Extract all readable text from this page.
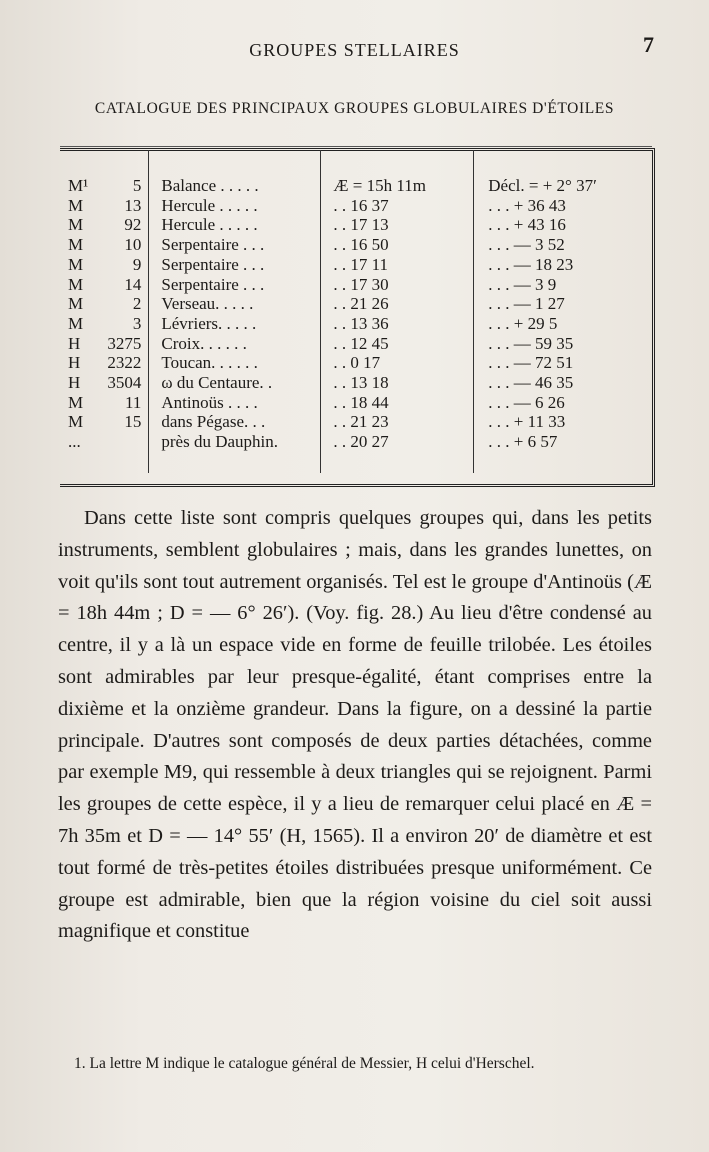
GROUPES STELLAIRES	7
CATALOGUE DES PRINCIPAUX GROUPES GLOBULAIRES D'ÉTOILES
M¹	5	Balance . . . . .	Æ = 15h 11m	Décl. = + 2° 37′
M	13	Hercule . . . . .	. . 16 37	. . . + 36 43
M	92	Hercule . . . . .	. . 17 13	. . . + 43 16
M	10	Serpentaire . . .	. . 16 50	. . . — 3 52
M	9	Serpentaire . . .	. . 17 11	. . . — 18 23
M	14	Serpentaire . . .	. . 17 30	. . . — 3 9
M	2	Verseau. . . . .	. . 21 26	. . . — 1 27
M	3	Lévriers. . . . .	. . 13 36	. . . + 29 5
H	3275	Croix. . . . . .	. . 12 45	. . . — 59 35
H	2322	Toucan. . . . . .	. . 0 17	. . . — 72 51
H	3504	ω du Centaure. .	. . 13 18	. . . — 46 35
M	11	Antinoüs . . . .	. . 18 44	. . . — 6 26
M	15	dans Pégase. . .	. . 21 23	. . . + 11 33
...		près du Dauphin.	. . 20 27	. . . + 6 57

Dans cette liste sont compris quelques groupes qui, dans les petits instruments, semblent globulaires ; mais, dans les grandes lunettes, on voit qu'ils sont tout autrement organisés. Tel est le groupe d'Antinoüs (Æ = 18h 44m ; D = — 6° 26′). (Voy. fig. 28.) Au lieu d'être condensé au centre, il y a là un espace vide en forme de feuille trilobée. Les étoiles sont admirables par leur presque-égalité, étant comprises entre la dixième et la onzième grandeur. Dans la figure, on a dessiné la partie principale. D'autres sont composés de deux parties détachées, comme par exemple M9, qui ressemble à deux triangles qui se rejoignent. Parmi les groupes de cette espèce, il y a lieu de remarquer celui placé en Æ = 7h 35m et D = — 14° 55′ (H, 1565). Il a environ 20′ de diamètre et est tout formé de très-petites étoiles distribuées presque uniformément. Ce groupe est admirable, bien que la région voisine du ciel soit aussi magnifique et constitue

1. La lettre M indique le catalogue général de Messier, H celui d'Herschel.
